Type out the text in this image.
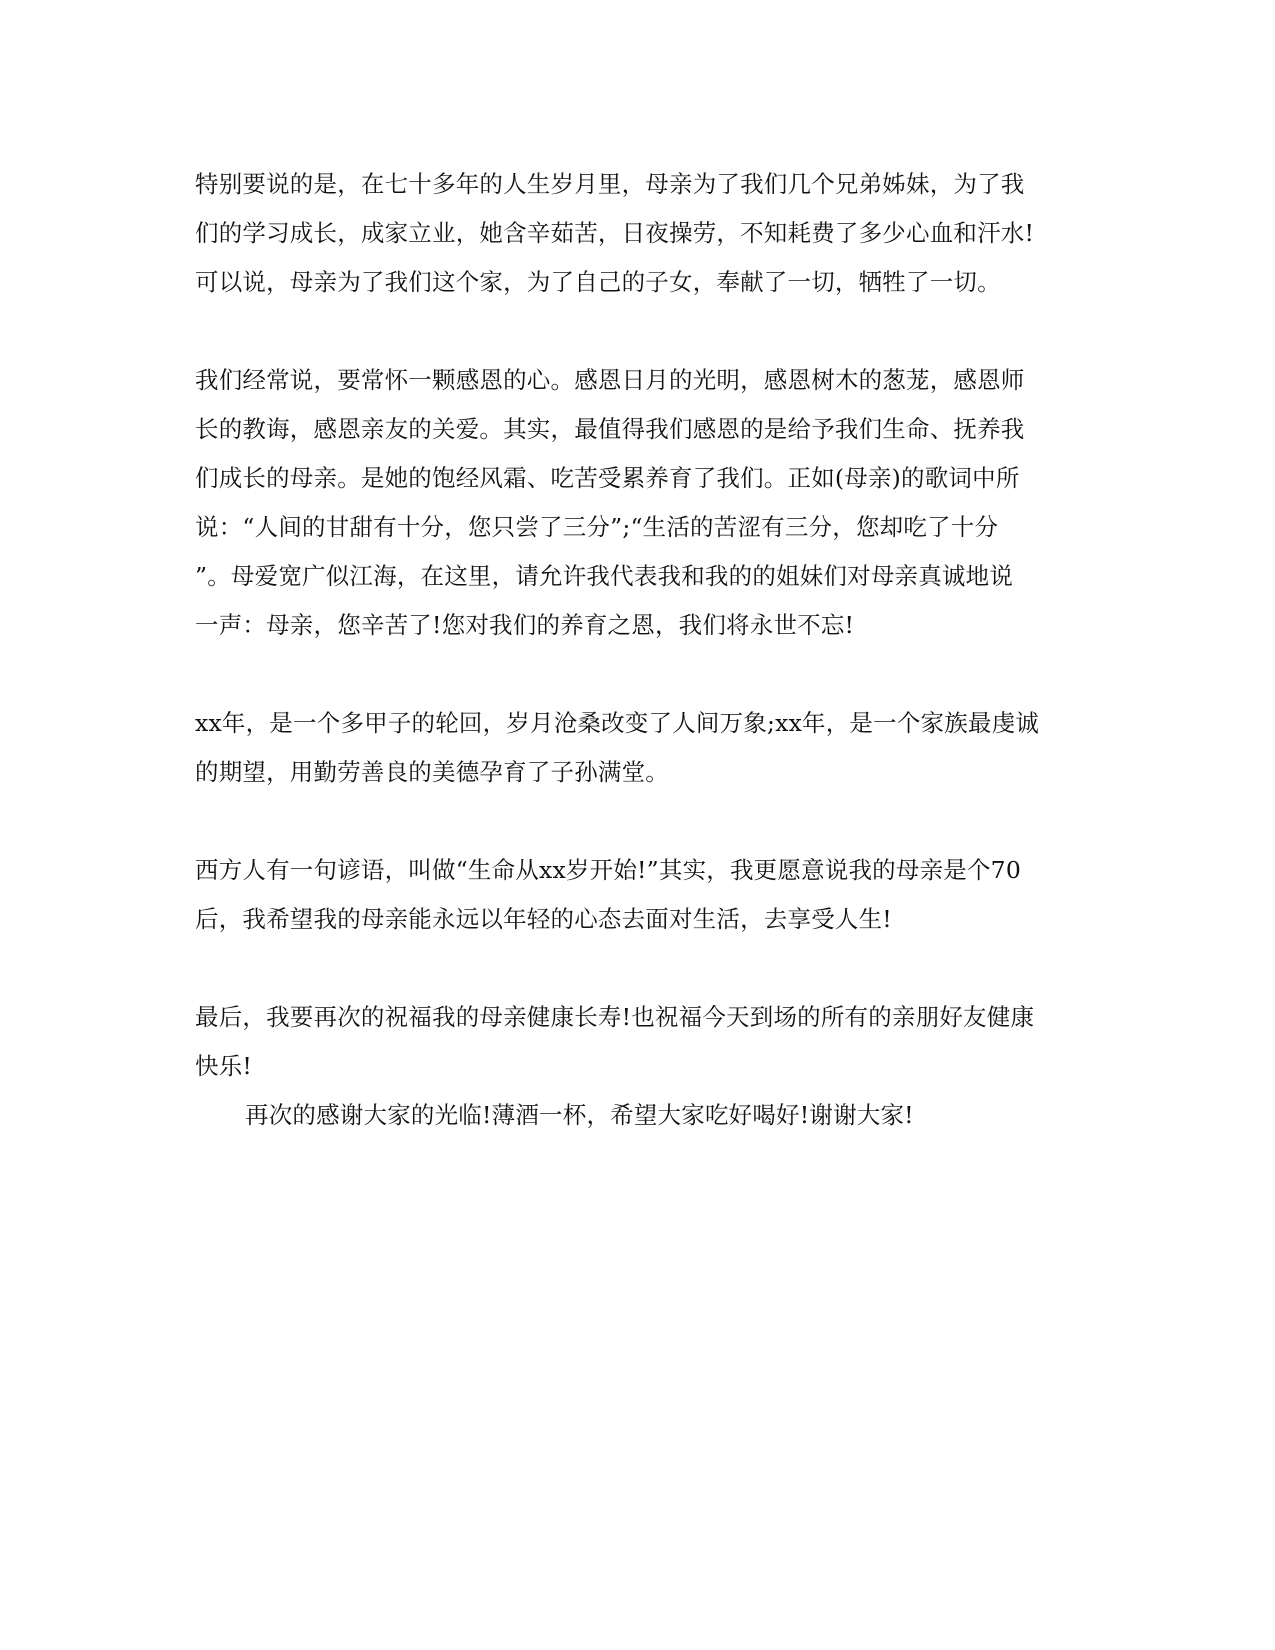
特别要说的是，在七十多年的人生岁月里，母亲为了我们几个兄弟姊妹，为了我
们的学习成长，成家立业，她含辛茹苦，日夜操劳，不知耗费了多少心血和汗水!
可以说，母亲为了我们这个家，为了自己的子女，奉献了一切，牺牲了一切。
我们经常说，要常怀一颗感恩的心。感恩日月的光明，感恩树木的葱茏，感恩师
长的教诲，感恩亲友的关爱。其实，最值得我们感恩的是给予我们生命、抚养我
们成长的母亲。是她的饱经风霜、吃苦受累养育了我们。正如(母亲)的歌词中所
说：“人间的甘甜有十分，您只尝了三分”;“生活的苦涩有三分，您却吃了十分
”。母爱宽广似江海，在这里，请允许我代表我和我的的姐妹们对母亲真诚地说
一声：母亲，您辛苦了!您对我们的养育之恩，我们将永世不忘!
xx年，是一个多甲子的轮回，岁月沧桑改变了人间万象;xx年，是一个家族最虔诚
的期望，用勤劳善良的美德孕育了子孙满堂。
西方人有一句谚语，叫做“生命从xx岁开始!”其实，我更愿意说我的母亲是个70
后，我希望我的母亲能永远以年轻的心态去面对生活，去享受人生!
最后，我要再次的祝福我的母亲健康长寿!也祝福今天到场的所有的亲朋好友健康
快乐!
再次的感谢大家的光临!薄酒一杯，希望大家吃好喝好!谢谢大家!
